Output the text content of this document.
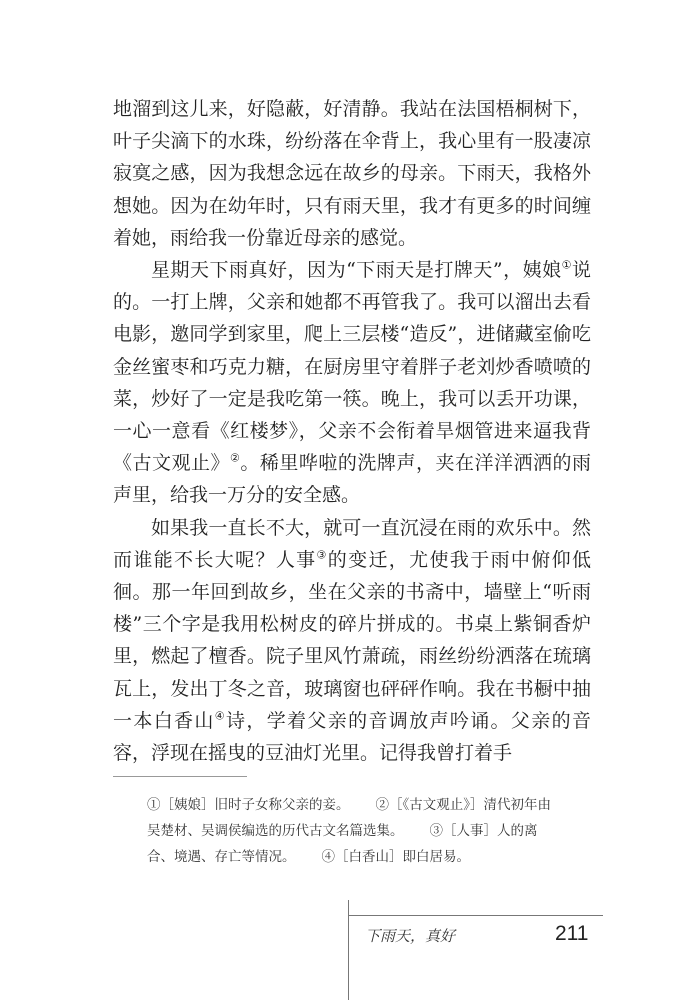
地溜到这儿来，好隐蔽，好清静。我站在法国梧桐树下，叶子尖滴下的水珠，纷纷落在伞背上，我心里有一股凄凉寂寞之感，因为我想念远在故乡的母亲。下雨天，我格外想她。因为在幼年时，只有雨天里，我才有更多的时间缠着她，雨给我一份靠近母亲的感觉。

星期天下雨真好，因为“下雨天是打牌天”，姨娘①说的。一打上牌，父亲和她都不再管我了。我可以溜出去看电影，邀同学到家里，爬上三层楼“造反”，进储藏室偷吃金丝蜜枣和巧克力糖，在厨房里守着胖子老刘炒香喷喷的菜，炒好了一定是我吃第一筷。晚上，我可以丢开功课，一心一意看《红楼梦》，父亲不会衔着旱烟管进来逼我背《古文观止》②。稀里哗啦的洗牌声，夹在洋洋洒洒的雨声里，给我一万分的安全感。

如果我一直长不大，就可一直沉浸在雨的欢乐中。然而谁能不长大呢？人事③的变迁，尤使我于雨中俯仰低徊。那一年回到故乡，坐在父亲的书斋中，墙壁上“听雨楼”三个字是我用松树皮的碎片拼成的。书桌上紫铜香炉里，燃起了檀香。院子里风竹萧疏，雨丝纷纷洒落在琉璃瓦上，发出丁冬之音，玻璃窗也砰砰作响。我在书橱中抽一本白香山④诗，学着父亲的音调放声吟诵。父亲的音容，浮现在摇曳的豆油灯光里。记得我曾打着手

①［姨娘］旧时子女称父亲的妾。 ②［《古文观止》］清代初年由

吴楚材、吴调侯编选的历代古文名篇选集。 ③［人事］人的离

合、境遇、存亡等情况。 ④［白香山］即白居易。

下雨天，真好	211
